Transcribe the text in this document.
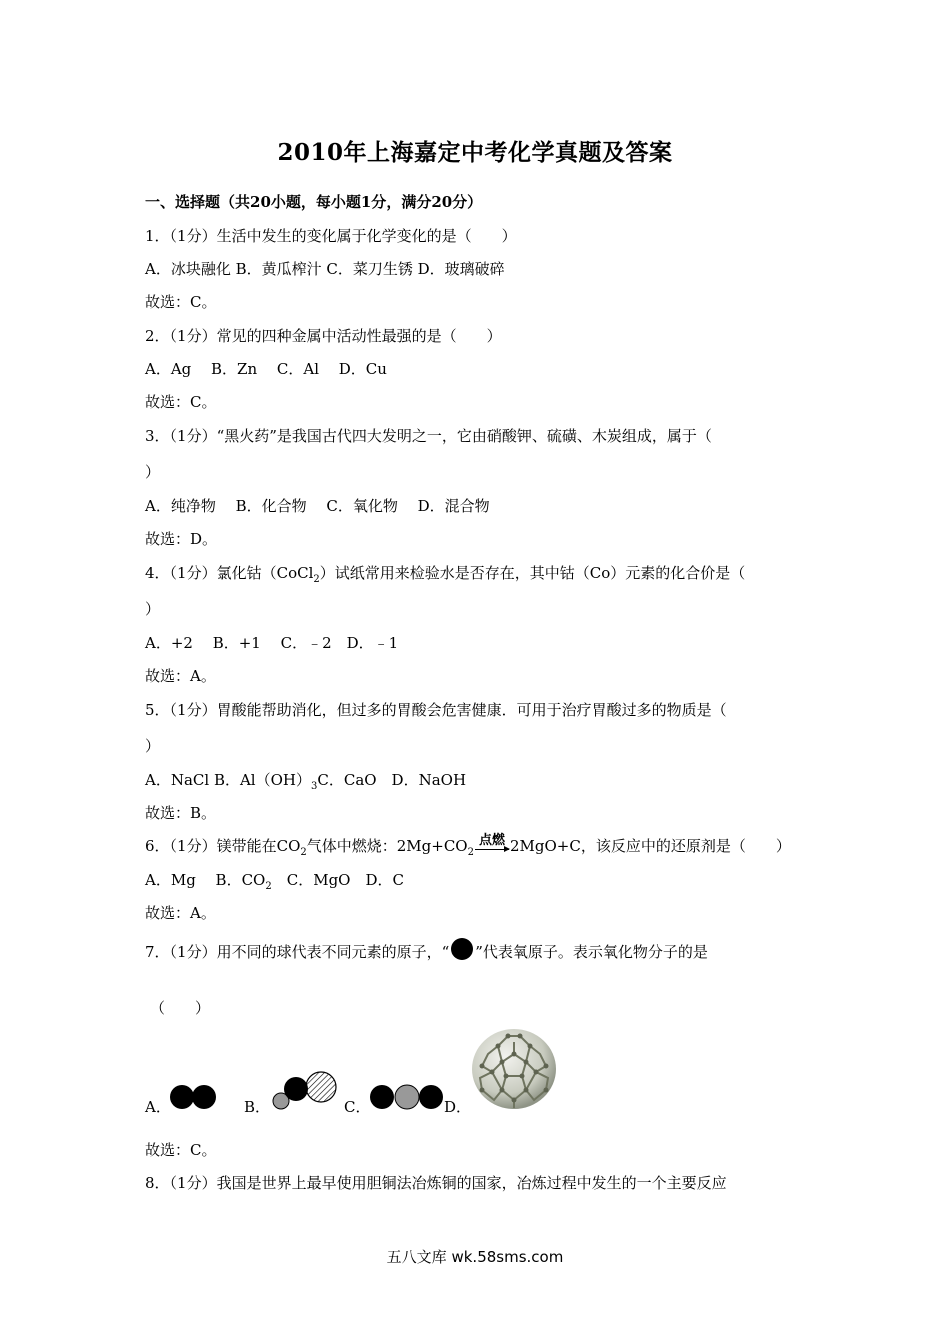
2010年上海嘉定中考化学真题及答案
一、选择题（共20小题，每小题1分，满分20分）
1．（1分）生活中发生的变化属于化学变化的是（　　）
A．冰块融化 B．黄瓜榨汁 C．菜刀生锈 D．玻璃破碎
故选：C。
2．（1分）常见的四种金属中活动性最强的是（　　）
A．Ag　 B．Zn　 C．Al　 D．Cu
故选：C。
3．（1分）“黑火药”是我国古代四大发明之一，它由硝酸钾、硫磺、木炭组成，属于（
）
A．纯净物　 B．化合物　 C．氧化物　 D．混合物
故选：D。
4．（1分）氯化钴（CoCl$_2$）试纸常用来检验水是否存在，其中钴（Co）元素的化合价是（
）
A．+2　 B．+1　 C．﹣2　D．﹣1
故选：A。
5．（1分）胃酸能帮助消化，但过多的胃酸会危害健康．可用于治疗胃酸过多的物质是（
）
A．NaCl B．$Al(OH)_3C$．CaO　D．NaOH
故选：B。
6．（1分）镁带能在$CO_2$气体中燃烧：$2Mg+CO_2$
点燃 2MgO+C，该反应中的还原剂是（　　）
A．Mg　 B．$CO_2$　C．MgO　D．C
故选：A。
7．（1分）用不同的球代表不同元素的原子，“ ”代表氧原子。表示氧化物分子的是
（　　）
A．	B．	C．	D．
故选：C。
8．（1分）我国是世界上最早使用胆铜法冶炼铜的国家，冶炼过程中发生的一个主要反应
五八文库 wk.58sms.com
